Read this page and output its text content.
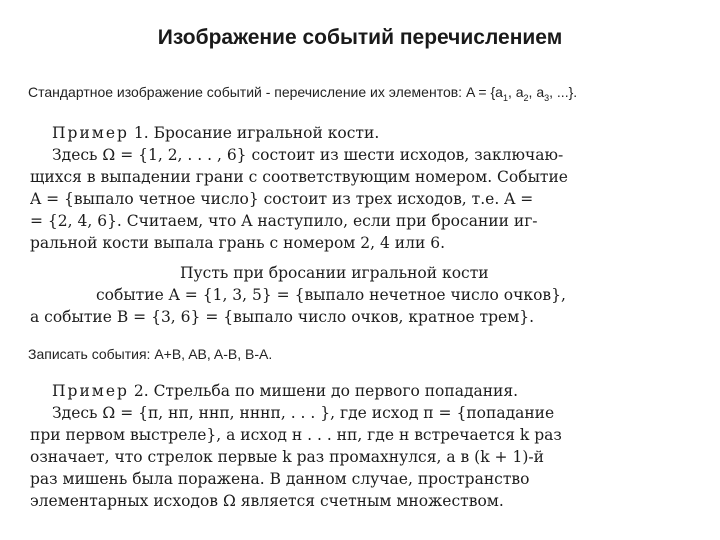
Изображение событий перечислением
Стандартное изображение событий - перечисление их элементов: $A = \{a_1$, $a_2$, $a_3$, ...}.
Пример 1. Бросание игральной кости.
Здесь Ω = {1, 2, . . . , 6} состоит из шести исходов, заключаю-
щихся в выпадении грани с соответствующим номером. Событие
A = {выпало четное число} состоит из трех исходов, т.е. A =
= {2, 4, 6}. Считаем, что A наступило, если при бросании иг-
ральной кости выпала грань с номером 2, 4 или 6.
Пусть при бросании игральной кости
событие A = {1, 3, 5} = {выпало нечетное число очков},
а событие B = {3, 6} = {выпало число очков, кратное трем}.
Записать события: A+B, AB, A-B, B-A.
Пример 2. Стрельба по мишени до первого попадания.
Здесь Ω = {п, нп, ннп, нннп, . . . }, где исход п = {попадание
при первом выстреле}, а исход н . . . нп, где н встречается k раз
означает, что стрелок первые k раз промахнулся, а в (k + 1)-й
раз мишень была поражена. В данном случае, пространство
элементарных исходов Ω является счетным множеством.
